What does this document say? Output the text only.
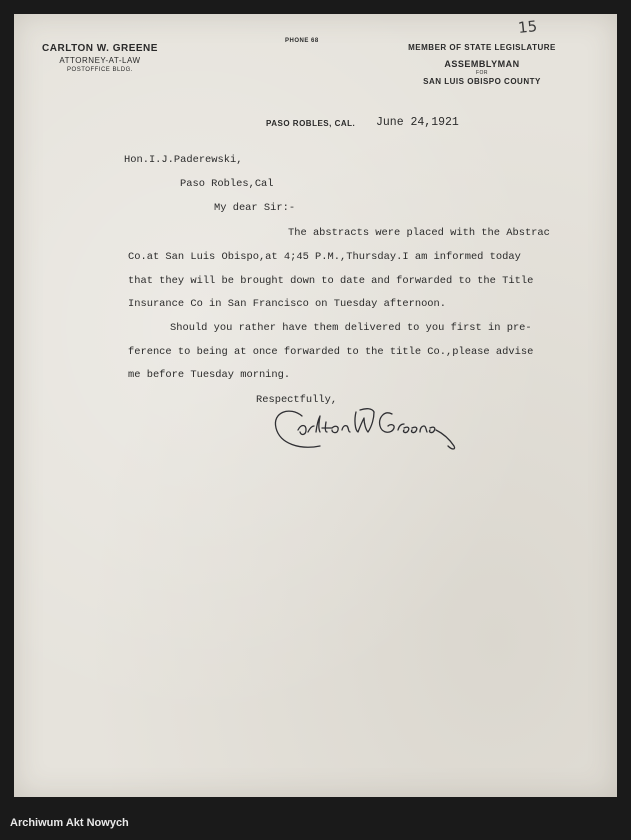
15
CARLTON W. GREENE
ATTORNEY-AT-LAW
POSTOFFICE BLDG.
PHONE 68
MEMBER OF STATE LEGISLATURE
ASSEMBLYMAN
FOR
SAN LUIS OBISPO COUNTY
PASO ROBLES, CAL. June 24,1921
Hon.I.J.Paderewski,
Paso Robles,Cal
My dear Sir:-
The abstracts were placed with the Abstrac
Co.at San Luis Obispo,at 4;45 P.M.,Thursday.I am informed today
that they will be brought down to date and forwarded to the Title
Insurance Co in San Francisco on Tuesday afternoon.
Should you rather have them delivered to you first in pre-
ference to being at once forwarded to the title Co.,please advise
me before Tuesday morning.
Respectfully,
Archiwum Akt Nowych
